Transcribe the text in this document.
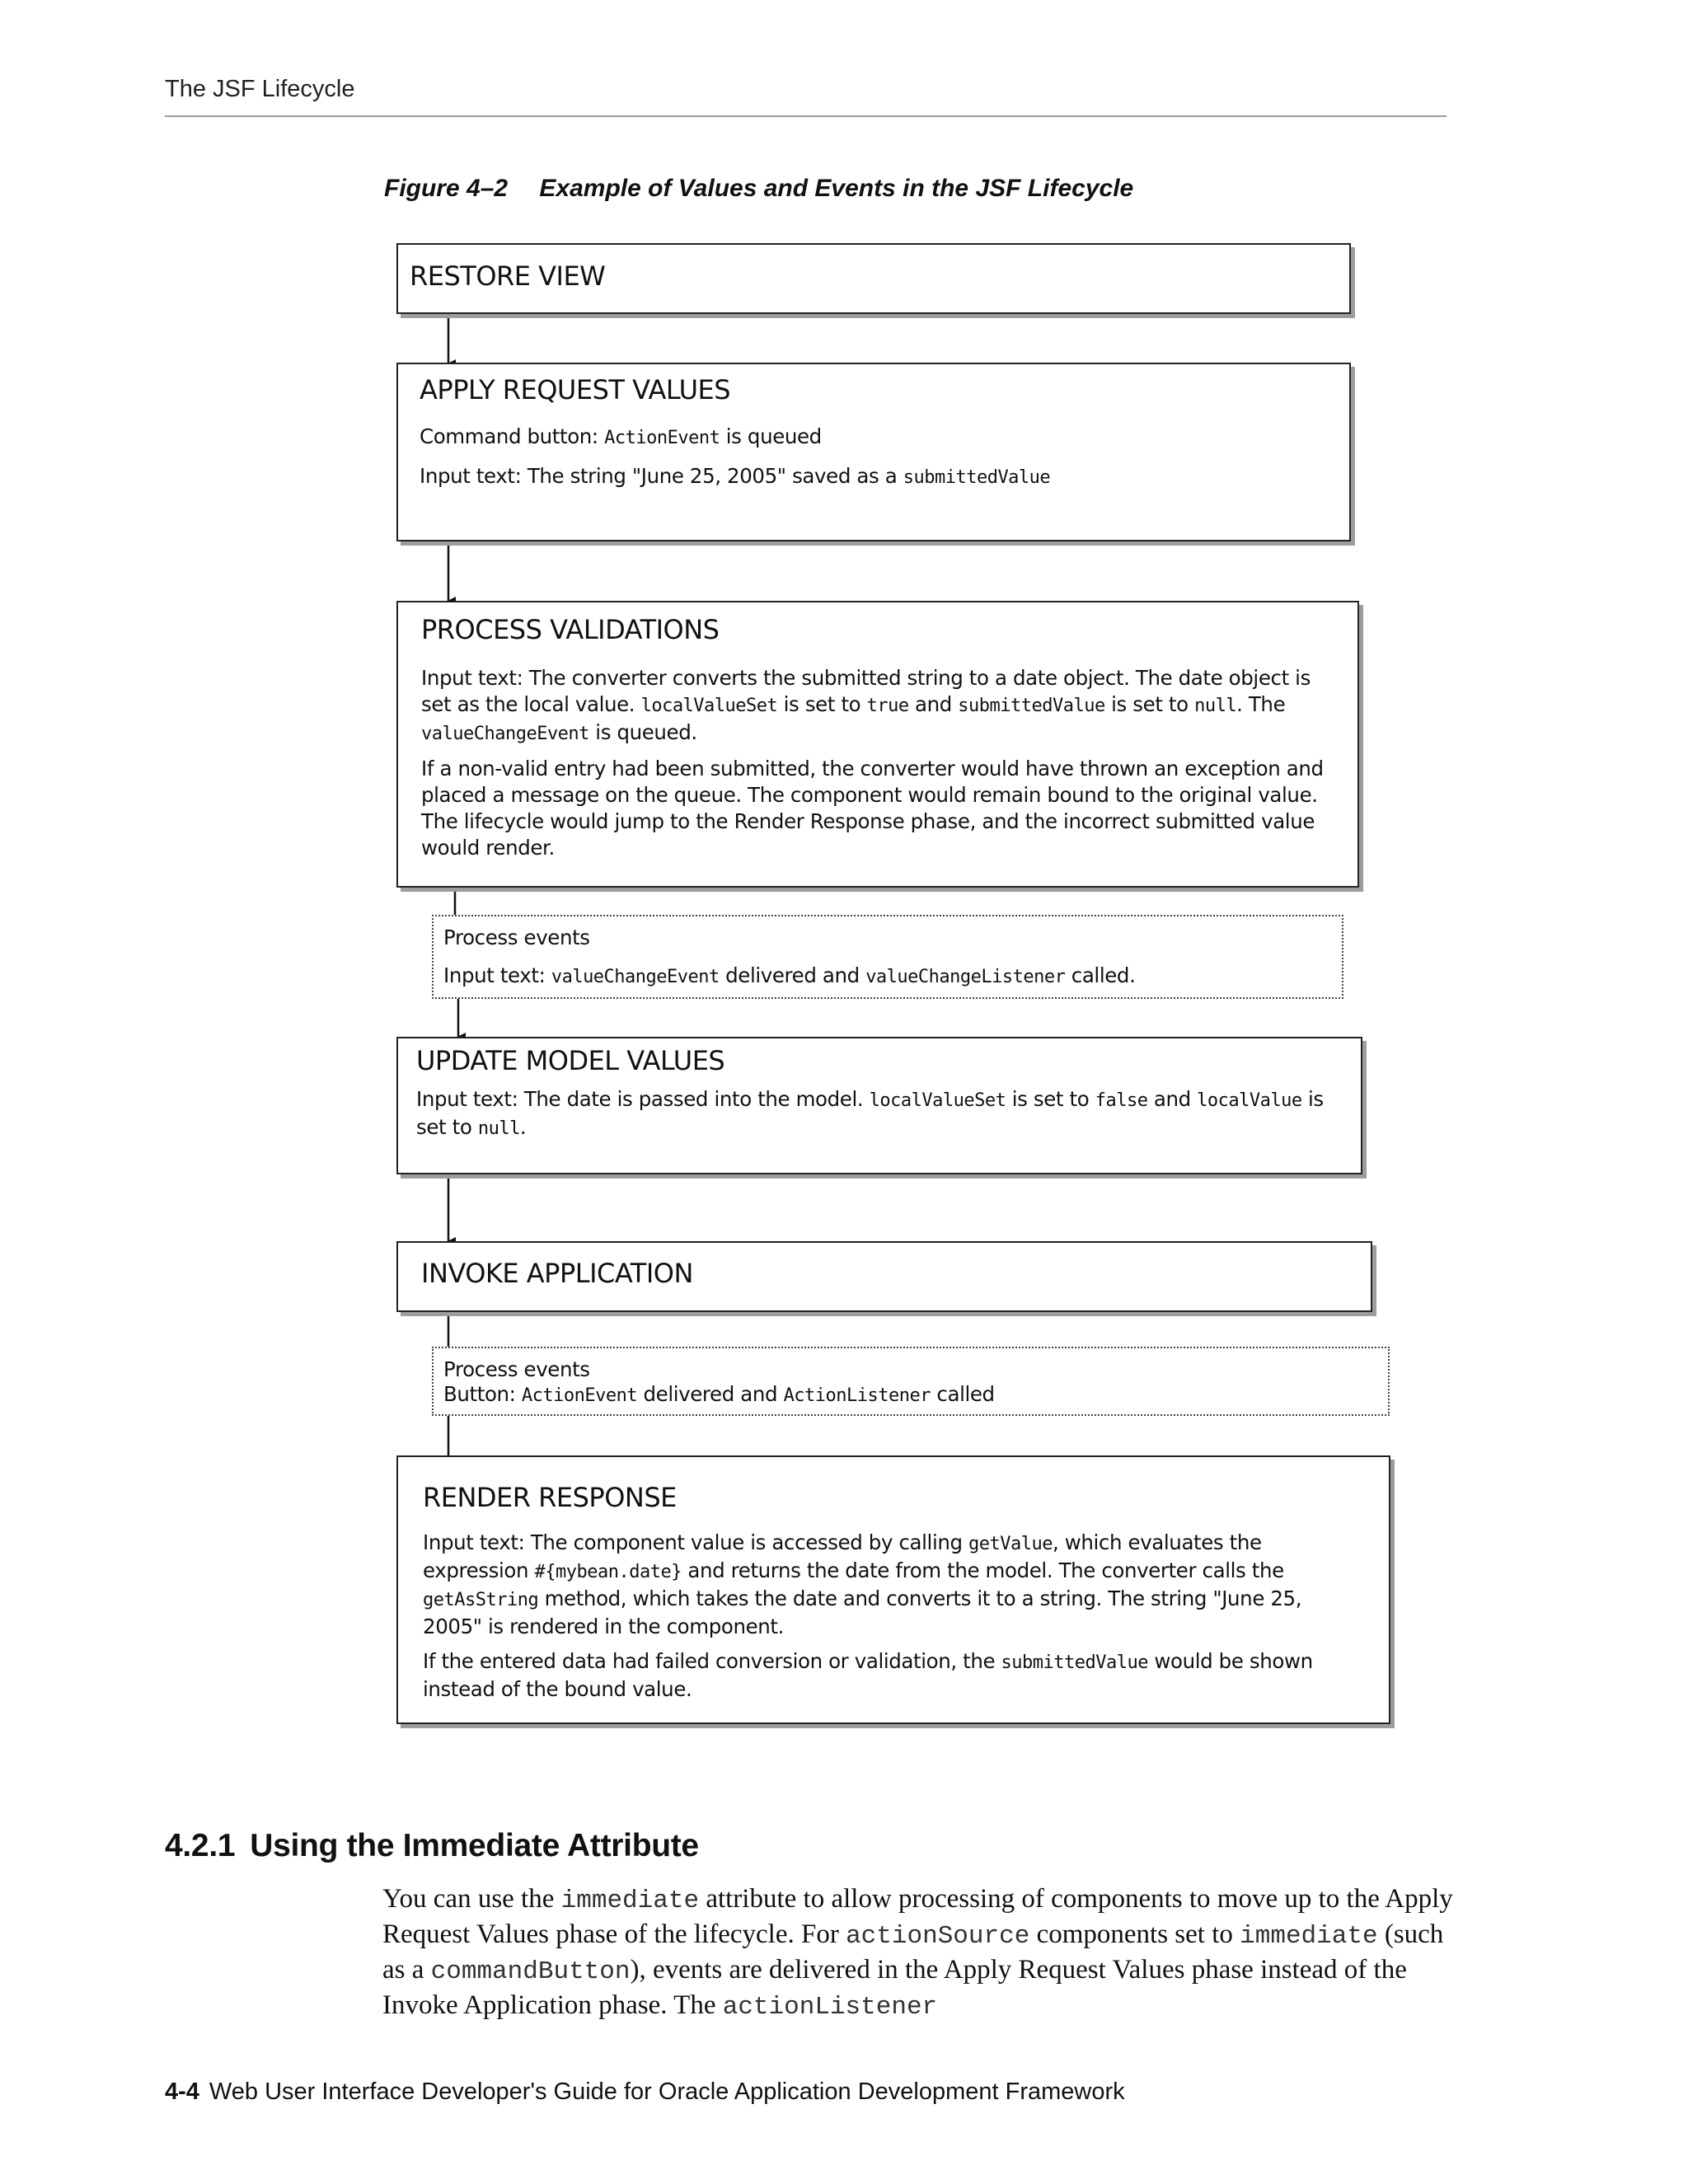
The JSF Lifecycle
Figure 4–2 Example of Values and Events in the JSF Lifecycle
RESTORE VIEW
APPLY REQUEST VALUES

Command button: ActionEvent is queued

Input text: The string "June 25, 2005" saved as a submittedValue

PROCESS VALIDATIONS

Input text: The converter converts the submitted string to a date object. The date object is set as the local value. localValueSet is set to true and submittedValue is set to null. The valueChangeEvent is queued.

If a non-valid entry had been submitted, the converter would have thrown an exception and placed a message on the queue. The component would remain bound to the original value. The lifecycle would jump to the Render Response phase, and the incorrect submitted value would render.

Process events

Input text: valueChangeEvent delivered and valueChangeListener called.

UPDATE MODEL VALUES

Input text: The date is passed into the model. localValueSet is set to false and localValue is set to null.

INVOKE APPLICATION

Process events

Button: ActionEvent delivered and ActionListener called

RENDER RESPONSE

Input text: The component value is accessed by calling getValue, which evaluates the expression #{mybean.date} and returns the date from the model. The converter calls the getAsString method, which takes the date and converts it to a string. The string "June 25, 2005" is rendered in the component.

If the entered data had failed conversion or validation, the submittedValue would be shown instead of the bound value.

4.2.1 Using the Immediate Attribute

You can use the immediate attribute to allow processing of components to move up to the Apply Request Values phase of the lifecycle. For actionSource components set to immediate (such as a commandButton), events are delivered in the Apply Request Values phase instead of the Invoke Application phase. The actionListener

4-4 Web User Interface Developer's Guide for Oracle Application Development Framework
